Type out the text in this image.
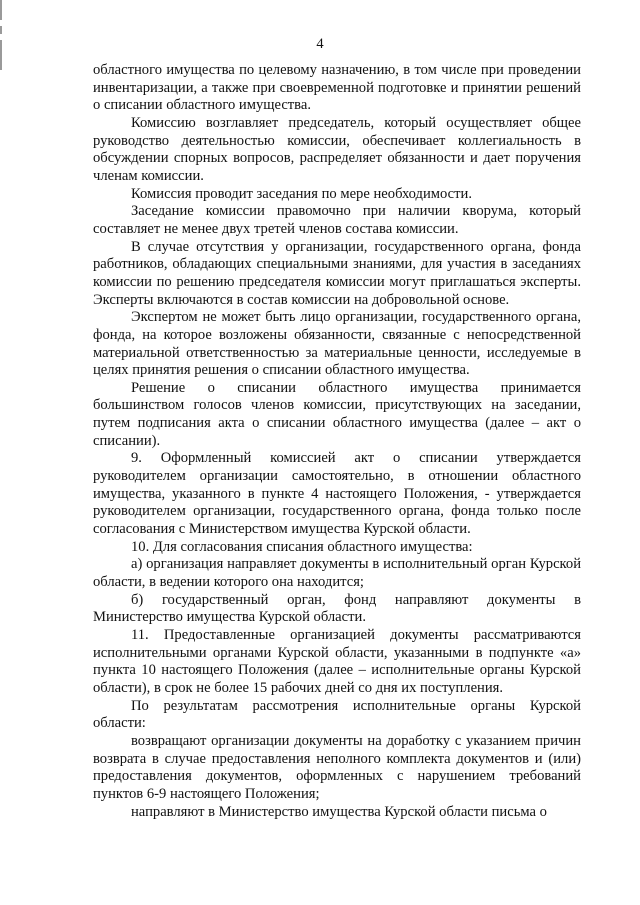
4

областного имущества по целевому назначению, в том числе при проведении инвентаризации, а также при своевременной подготовке и принятии решений о списании областного имущества.

Комиссию возглавляет председатель, который осуществляет общее руководство деятельностью комиссии, обеспечивает коллегиальность в обсуждении спорных вопросов, распределяет обязанности и дает поручения членам комиссии.

Комиссия проводит заседания по мере необходимости.

Заседание комиссии правомочно при наличии кворума, который составляет не менее двух третей членов состава комиссии.

В случае отсутствия у организации, государственного органа, фонда работников, обладающих специальными знаниями, для участия в заседаниях комиссии по решению председателя комиссии могут приглашаться эксперты. Эксперты включаются в состав комиссии на добровольной основе.

Экспертом не может быть лицо организации, государственного органа, фонда, на которое возложены обязанности, связанные с непосредственной материальной ответственностью за материальные ценности, исследуемые в целях принятия решения о списании областного имущества.

Решение о списании областного имущества принимается большинством голосов членов комиссии, присутствующих на заседании, путем подписания акта о списании областного имущества (далее – акт о списании).

9. Оформленный комиссией акт о списании утверждается руководителем организации самостоятельно, в отношении областного имущества, указанного в пункте 4 настоящего Положения, - утверждается руководителем организации, государственного органа, фонда только после согласования с Министерством имущества Курской области.

10. Для согласования списания областного имущества:

а) организация направляет документы в исполнительный орган Курской области, в ведении которого она находится;

б) государственный орган, фонд направляют документы в Министерство имущества Курской области.

11. Предоставленные организацией документы рассматриваются исполнительными органами Курской области, указанными в подпункте «а» пункта 10 настоящего Положения (далее – исполнительные органы Курской области), в срок не более 15 рабочих дней со дня их поступления.

По результатам рассмотрения исполнительные органы Курской области:

возвращают организации документы на доработку с указанием причин возврата в случае предоставления неполного комплекта документов и (или) предоставления документов, оформленных с нарушением требований пунктов 6-9 настоящего Положения;

направляют в Министерство имущества Курской области письма о
